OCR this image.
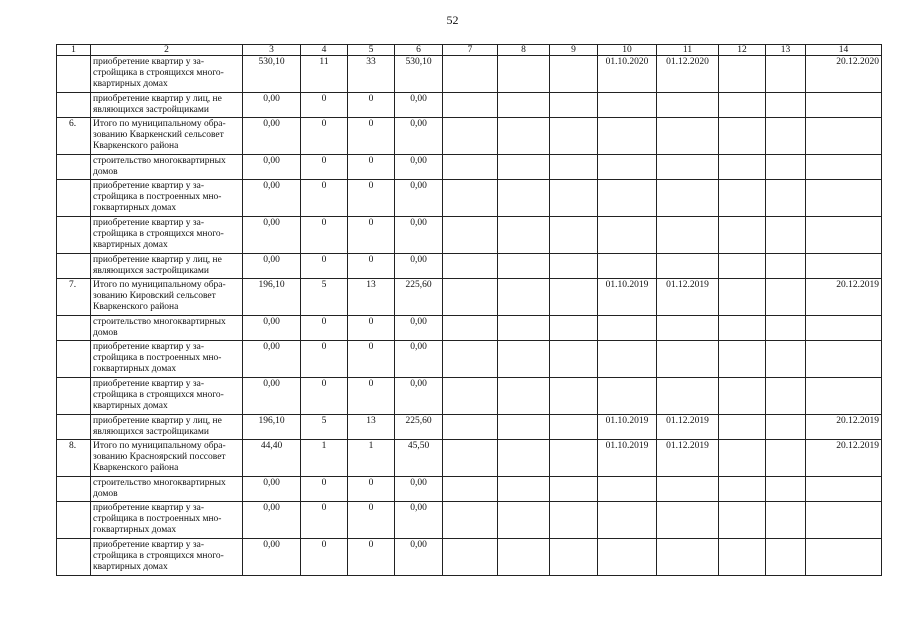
52
1	2	3	4	5	6	7	8	9	10	11	12	13	14
	приобретение квартир у за-
стройщика в строящихся много-
квартирных домах	530,10	11	33	530,10				01.10.2020	01.12.2020			20.12.2020
	приобретение квартир у лиц, не
являющихся застройщиками	0,00	0	0	0,00								
6.	Итого по муниципальному обра-
зованию Кваркенский сельсовет
Кваркенского района	0,00	0	0	0,00								
	строительство многоквартирных
домов	0,00	0	0	0,00								
	приобретение квартир у за-
стройщика в построенных мно-
гоквартирных домах	0,00	0	0	0,00								
	приобретение квартир у за-
стройщика в строящихся много-
квартирных домах	0,00	0	0	0,00								
	приобретение квартир у лиц, не
являющихся застройщиками	0,00	0	0	0,00								
7.	Итого по муниципальному обра-
зованию Кировский сельсовет
Кваркенского района	196,10	5	13	225,60				01.10.2019	01.12.2019			20.12.2019
	строительство многоквартирных
домов	0,00	0	0	0,00								
	приобретение квартир у за-
стройщика в построенных мно-
гоквартирных домах	0,00	0	0	0,00								
	приобретение квартир у за-
стройщика в строящихся много-
квартирных домах	0,00	0	0	0,00								
	приобретение квартир у лиц, не
являющихся застройщиками	196,10	5	13	225,60				01.10.2019	01.12.2019			20.12.2019
8.	Итого по муниципальному обра-
зованию Краснoярский поссовет
Кваркенского района	44,40	1	1	45,50				01.10.2019	01.12.2019			20.12.2019
	строительство многоквартирных
домов	0,00	0	0	0,00								
	приобретение квартир у за-
стройщика в построенных мно-
гоквартирных домах	0,00	0	0	0,00								
	приобретение квартир у за-
стройщика в строящихся много-
квартирных домах	0,00	0	0	0,00								
